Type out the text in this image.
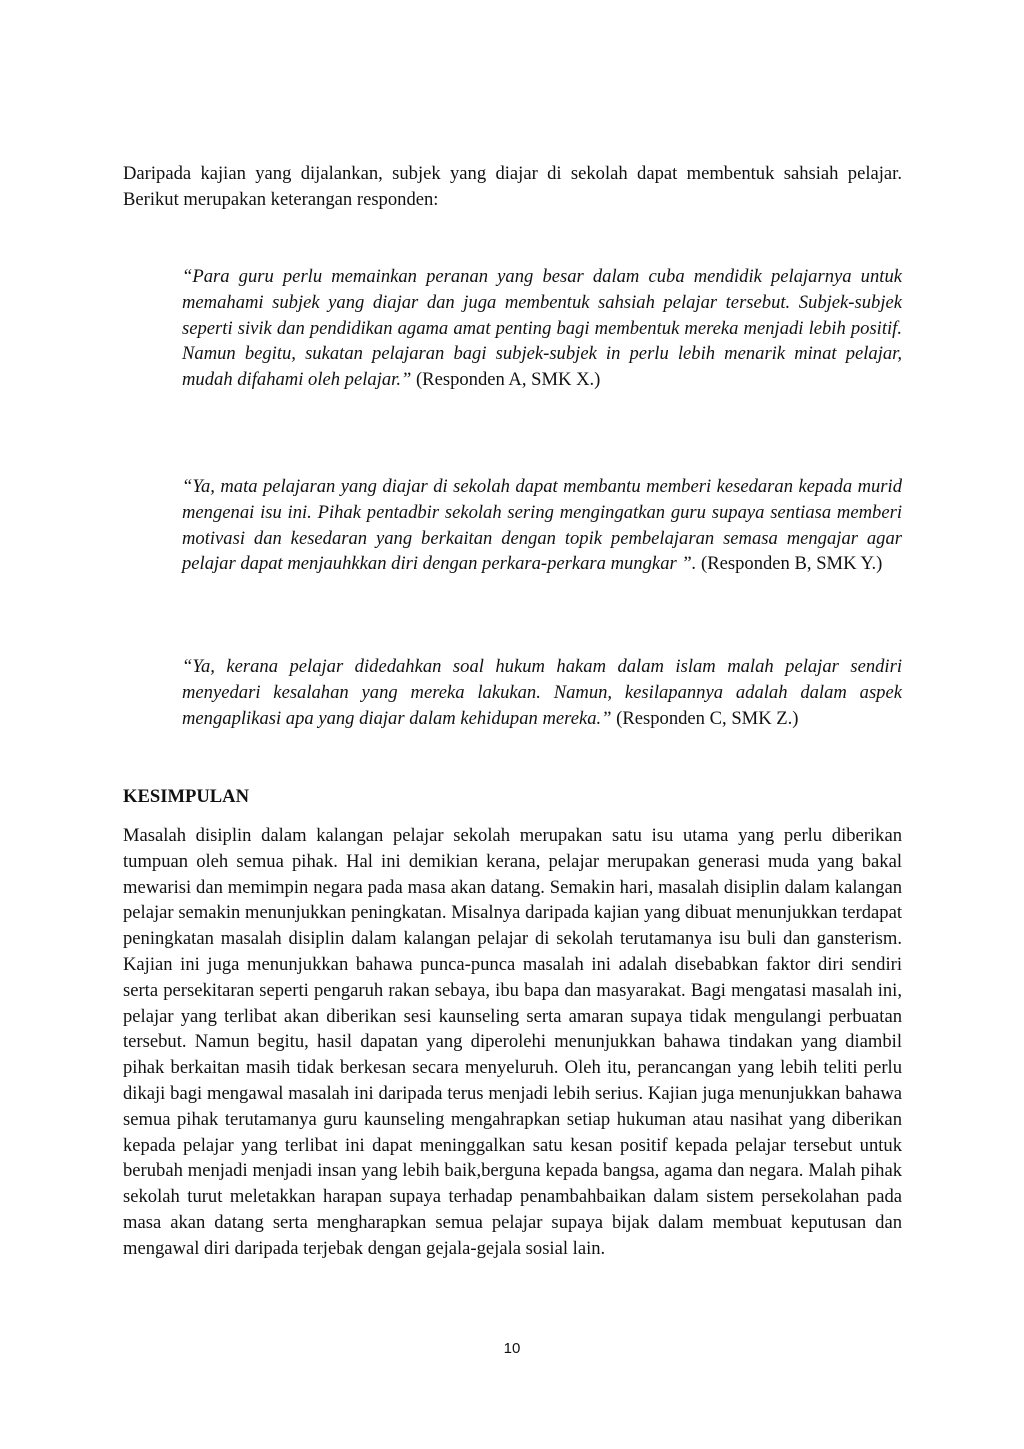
Daripada kajian yang dijalankan, subjek yang diajar di sekolah dapat membentuk sahsiah pelajar. Berikut merupakan keterangan responden:

“Para guru perlu memainkan peranan yang besar dalam cuba mendidik pelajarnya untuk memahami subjek yang diajar dan juga membentuk sahsiah pelajar tersebut. Subjek-subjek seperti sivik dan pendidikan agama amat penting bagi membentuk mereka menjadi lebih positif. Namun begitu, sukatan pelajaran bagi subjek-subjek in perlu lebih menarik minat pelajar, mudah difahami oleh pelajar.” (Responden A, SMK X.)

“Ya, mata pelajaran yang diajar di sekolah dapat membantu memberi kesedaran kepada murid mengenai isu ini. Pihak pentadbir sekolah sering mengingatkan guru supaya sentiasa memberi motivasi dan kesedaran yang berkaitan dengan topik pembelajaran semasa mengajar agar pelajar dapat menjauhkkan diri dengan perkara-perkara mungkar ”. (Responden B, SMK Y.)

“Ya, kerana pelajar didedahkan soal hukum hakam dalam islam malah pelajar sendiri menyedari kesalahan yang mereka lakukan. Namun, kesilapannya adalah dalam aspek mengaplikasi apa yang diajar dalam kehidupan mereka.” (Responden C, SMK Z.)

KESIMPULAN

Masalah disiplin dalam kalangan pelajar sekolah merupakan satu isu utama yang perlu diberikan tumpuan oleh semua pihak. Hal ini demikian kerana, pelajar merupakan generasi muda yang bakal mewarisi dan memimpin negara pada masa akan datang. Semakin hari, masalah disiplin dalam kalangan pelajar semakin menunjukkan peningkatan. Misalnya daripada kajian yang dibuat menunjukkan terdapat peningkatan masalah disiplin dalam kalangan pelajar di sekolah terutamanya isu buli dan gansterism. Kajian ini juga menunjukkan bahawa punca-punca masalah ini adalah disebabkan faktor diri sendiri serta persekitaran seperti pengaruh rakan sebaya, ibu bapa dan masyarakat. Bagi mengatasi masalah ini, pelajar yang terlibat akan diberikan sesi kaunseling serta amaran supaya tidak mengulangi perbuatan tersebut. Namun begitu, hasil dapatan yang diperolehi menunjukkan bahawa tindakan yang diambil pihak berkaitan masih tidak berkesan secara menyeluruh. Oleh itu, perancangan yang lebih teliti perlu dikaji bagi mengawal masalah ini daripada terus menjadi lebih serius. Kajian juga menunjukkan bahawa semua pihak terutamanya guru kaunseling mengahrapkan setiap hukuman atau nasihat yang diberikan kepada pelajar yang terlibat ini dapat meninggalkan satu kesan positif kepada pelajar tersebut untuk berubah menjadi menjadi insan yang lebih baik,berguna kepada bangsa, agama dan negara. Malah pihak sekolah turut meletakkan harapan supaya terhadap penambahbaikan dalam sistem persekolahan pada masa akan datang serta mengharapkan semua pelajar supaya bijak dalam membuat keputusan dan mengawal diri daripada terjebak dengan gejala-gejala sosial lain.

10
